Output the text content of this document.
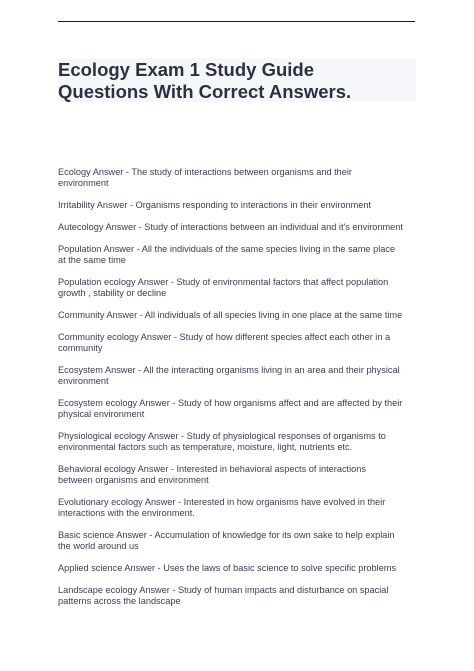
Ecology Exam 1 Study Guide
Questions With Correct Answers.
Ecology Answer - The study of interactions between organisms and their
environment
Irritability Answer - Organisms responding to interactions in their environment
Autecology Answer - Study of interactions between an individual and it's environment
Population Answer - All the individuals of the same species living in the same place
at the same time
Population ecology Answer - Study of environmental factors that affect population
growth , stability or decline
Community Answer - All individuals of all species living in one place at the same time
Community ecology Answer - Study of how different species affect each other in a
community
Ecosystem Answer - All the interacting organisms living in an area and their physical
environment
Ecosystem ecology Answer - Study of how organisms affect and are affected by their
physical environment
Physiological ecology Answer - Study of physiological responses of organisms to
environmental factors such as temperature, moisture, light, nutrients etc.
Behavioral ecology Answer - Interested in behavioral aspects of interactions
between organisms and environment
Evolutionary ecology Answer - Interested in how organisms have evolved in their
interactions with the environment.
Basic science Answer - Accumulation of knowledge for its own sake to help explain
the world around us
Applied science Answer - Uses the laws of basic science to solve specific problems
Landscape ecology Answer - Study of human impacts and disturbance on spacial
patterns across the landscape
